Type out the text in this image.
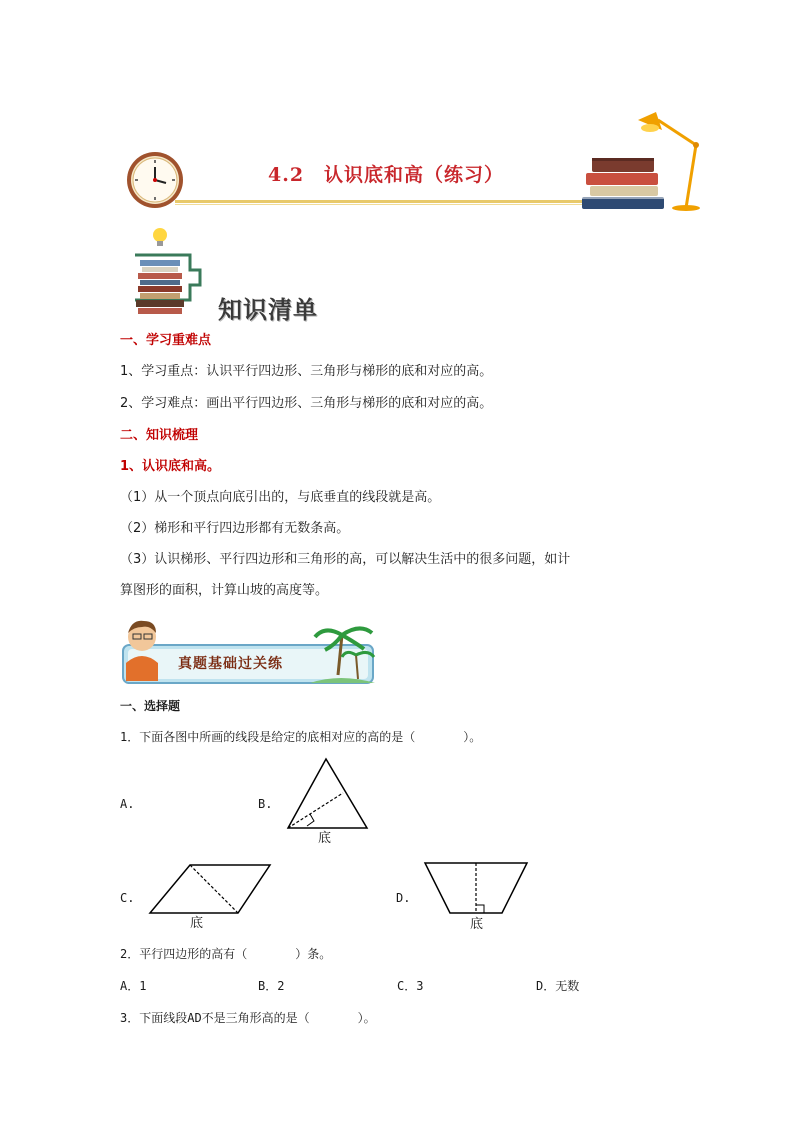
4.2　认识底和高（练习）
知识清单
一、学习重难点
1、学习重点：认识平行四边形、三角形与梯形的底和对应的高。
2、学习难点：画出平行四边形、三角形与梯形的底和对应的高。
二、知识梳理
1、认识底和高。
（1）从一个顶点向底引出的，与底垂直的线段就是高。
（2）梯形和平行四边形都有无数条高。
（3）认识梯形、平行四边形和三角形的高，可以解决生活中的很多问题，如计
算图形的面积，计算山坡的高度等。
真题基础过关练
一、选择题
1．下面各图中所画的线段是给定的底相对应的高的是（　　　　）。
A.	B.
底
C.
底
D.
底
2．平行四边形的高有（　　　　）条。
A．1	B．2	C．3	D．无数
3．下面线段AD不是三角形高的是（　　　　）。
